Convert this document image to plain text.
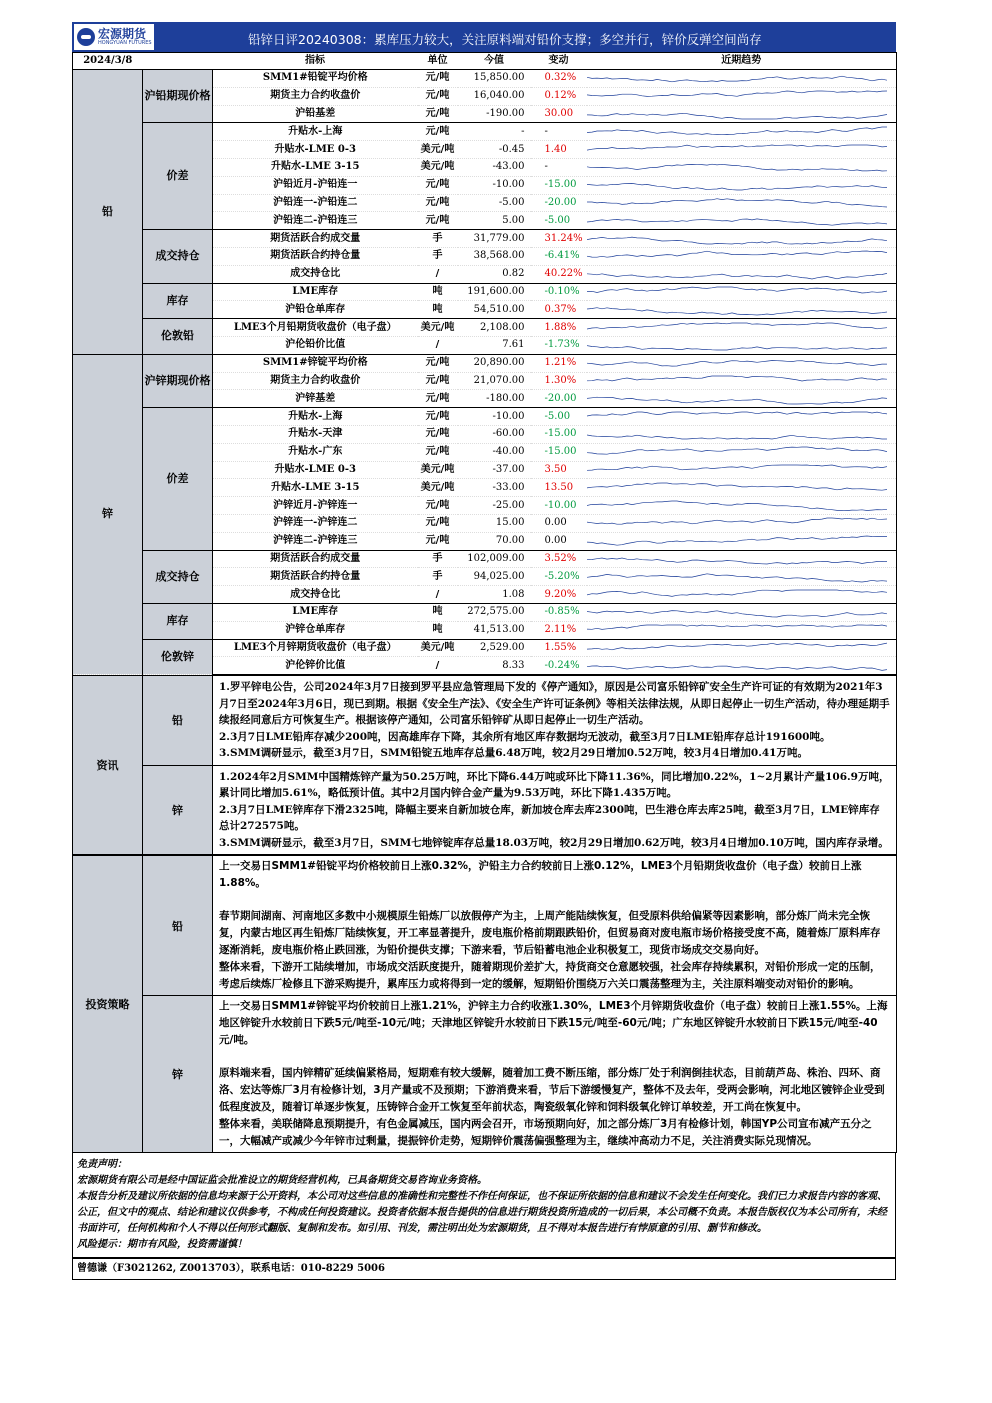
宏源期货
HONGYUAN FUTURES	铅锌日评20240308：累库压力较大，关注原料端对铅价支撑；多空并行，锌价反弹空间尚存
2024/3/8		指标	单位	今值	变动	近期趋势
铅	沪铅期现价格	SMM1#铅锭平均价格	元/吨	15,850.00	0.32%	

		期货主力合约收盘价	元/吨	16,040.00	0.12%	

		沪铅基差	元/吨	-190.00	30.00	

	价差	升贴水-上海	元/吨	-	-	

		升贴水-LME 0-3	美元/吨	-0.45	1.40	

		升贴水-LME 3-15	美元/吨	-43.00	-	

		沪铅近月-沪铅连一	元/吨	-10.00	-15.00	

		沪铅连一-沪铅连二	元/吨	-5.00	-20.00	

		沪铅连二-沪铅连三	元/吨	5.00	-5.00	

	成交持仓	期货活跃合约成交量	手	31,779.00	31.24%	

		期货活跃合约持仓量	手	38,568.00	-6.41%	

		成交持仓比	/	0.82	40.22%	

	库存	LME库存	吨	191,600.00	-0.10%	

		沪铅仓单库存	吨	54,510.00	0.37%	

	伦敦铅	LME3个月铅期货收盘价（电子盘）	美元/吨	2,108.00	1.88%	

		沪伦铅价比值	/	7.61	-1.73%	

锌	沪锌期现价格	SMM1#锌锭平均价格	元/吨	20,890.00	1.21%	

		期货主力合约收盘价	元/吨	21,070.00	1.30%	

		沪锌基差	元/吨	-180.00	-20.00	

	价差	升贴水-上海	元/吨	-10.00	-5.00	

		升贴水-天津	元/吨	-60.00	-15.00	

		升贴水-广东	元/吨	-40.00	-15.00	

		升贴水-LME 0-3	美元/吨	-37.00	3.50	

		升贴水-LME 3-15	美元/吨	-33.00	13.50	

		沪锌近月-沪锌连一	元/吨	-25.00	-10.00	

		沪锌连一-沪锌连二	元/吨	15.00	0.00	

		沪锌连二-沪锌连三	元/吨	70.00	0.00	

	成交持仓	期货活跃合约成交量	手	102,009.00	3.52%	

		期货活跃合约持仓量	手	94,025.00	-5.20%	

		成交持仓比	/	1.08	9.20%	

	库存	LME库存	吨	272,575.00	-0.85%	

		沪锌仓单库存	吨	41,513.00	2.11%	

	伦敦锌	LME3个月锌期货收盘价（电子盘）	美元/吨	2,529.00	1.55%	

		沪伦锌价比值	/	8.33	-0.24%	
资讯	铅	1.罗平锌电公告，公司2024年3月7日接到罗平县应急管理局下发的《停产通知》，原因是公司富乐铅锌矿安全生产许可证的有效期为2021年3月7日至2024年3月6日，现已到期。根据《安全生产法》、《安全生产许可证条例》等相关法律法规，从即日起停止一切生产活动，待办理延期手续报经同意后方可恢复生产。根据该停产通知，公司富乐铅锌矿从即日起停止一切生产活动。
2.3月7日LME铅库存减少200吨，因高雄库存下降，其余所有地区库存数据均无波动，截至3月7日LME铅库存总计191600吨。
3.SMM调研显示，截至3月7日，SMM铅锭五地库存总量6.48万吨，较2月29日增加0.52万吨，较3月4日增加0.41万吨。

	锌	1.2024年2月SMM中国精炼锌产量为50.25万吨，环比下降6.44万吨或环比下降11.36%，同比增加0.22%，1~2月累计产量106.9万吨，累计同比增加5.61%，略低预计值。其中2月国内锌合金产量为9.53万吨，环比下降1.435万吨。
2.3月7日LME锌库存下滑2325吨，降幅主要来自新加坡仓库，新加坡仓库去库2300吨，巴生港仓库去库25吨，截至3月7日，LME锌库存总计272575吨。
3.SMM调研显示，截至3月7日，SMM七地锌锭库存总量18.03万吨，较2月29日增加0.62万吨，较3月4日增加0.10万吨，国内库存录增。
投资策略	铅	上一交易日SMM1#铅锭平均价格较前日上涨0.32%，沪铅主力合约较前日上涨0.12%，LME3个月铅期货收盘价（电子盘）较前日上涨1.88%。

春节期间湖南、河南地区多数中小规模原生铅炼厂以放假停产为主，上周产能陆续恢复，但受原料供给偏紧等因素影响，部分炼厂尚未完全恢复，内蒙古地区再生铅炼厂陆续恢复，开工率显著提升，废电瓶价格前期跟跌铅价，但贸易商对废电瓶市场价格接受度不高，随着炼厂原料库存逐渐消耗，废电瓶价格止跌回涨，为铅价提供支撑；下游来看，节后铅蓄电池企业积极复工，现货市场成交交易向好。

整体来看，下游开工陆续增加，市场成交活跃度提升，随着期现价差扩大，持货商交仓意愿较强，社会库存持续累积，对铅价形成一定的压制，考虑后续炼厂检修且下游采购提升，累库压力或将得到一定的缓解，短期铅价围绕万六关口震荡整理为主，关注原料端变动对铅价的影响。

	锌	上一交易日SMM1#锌锭平均价较前日上涨1.21%，沪锌主力合约收涨1.30%，LME3个月锌期货收盘价（电子盘）较前日上涨1.55%。上海地区锌锭升水较前日下跌5元/吨至-10元/吨；天津地区锌锭升水较前日下跌15元/吨至-60元/吨；广东地区锌锭升水较前日下跌15元/吨至-40元/吨。

原料端来看，国内锌精矿延续偏紧格局，短期难有较大缓解，随着加工费不断压缩，部分炼厂处于利润倒挂状态，目前葫芦岛、株治、四环、商洛、宏达等炼厂3月有检修计划，3月产量或不及预期；下游消费来看，节后下游缓慢复产，整体不及去年，受两会影响，河北地区镀锌企业受到低程度波及，随着订单逐步恢复，压铸锌合金开工恢复至年前状态，陶瓷级氧化锌和饲料级氧化锌订单较差，开工尚在恢复中。

整体来看，美联储降息预期提升，有色金属减压，国内两会召开，市场预期向好，加之部分炼厂3月有检修计划，韩国YP公司宣布减产五分之一，大幅减产或减少今年锌市过剩量，提振锌价走势，短期锌价震荡偏强整理为主，继续冲高动力不足，关注消费实际兑现情况。

免责声明：
宏源期货有限公司是经中国证监会批准设立的期货经营机构，已具备期货交易咨询业务资格。
本报告分析及建议所依据的信息均来源于公开资料，本公司对这些信息的准确性和完整性不作任何保证，也不保证所依据的信息和建议不会发生任何变化。我们已力求报告内容的客观、公正，但文中的观点、结论和建议仅供参考，不构成任何投资建议。投资者依据本报告提供的信息进行期货投资所造成的一切后果，本公司概不负责。本报告版权仅为本公司所有，未经书面许可，任何机构和个人不得以任何形式翻版、复制和发布。如引用、刊发，需注明出处为宏源期货，且不得对本报告进行有悖原意的引用、删节和修改。
风险提示：期市有风险，投资需谨慎！
曾德谦（F3021262, Z0013703），联系电话：010-8229 5006
